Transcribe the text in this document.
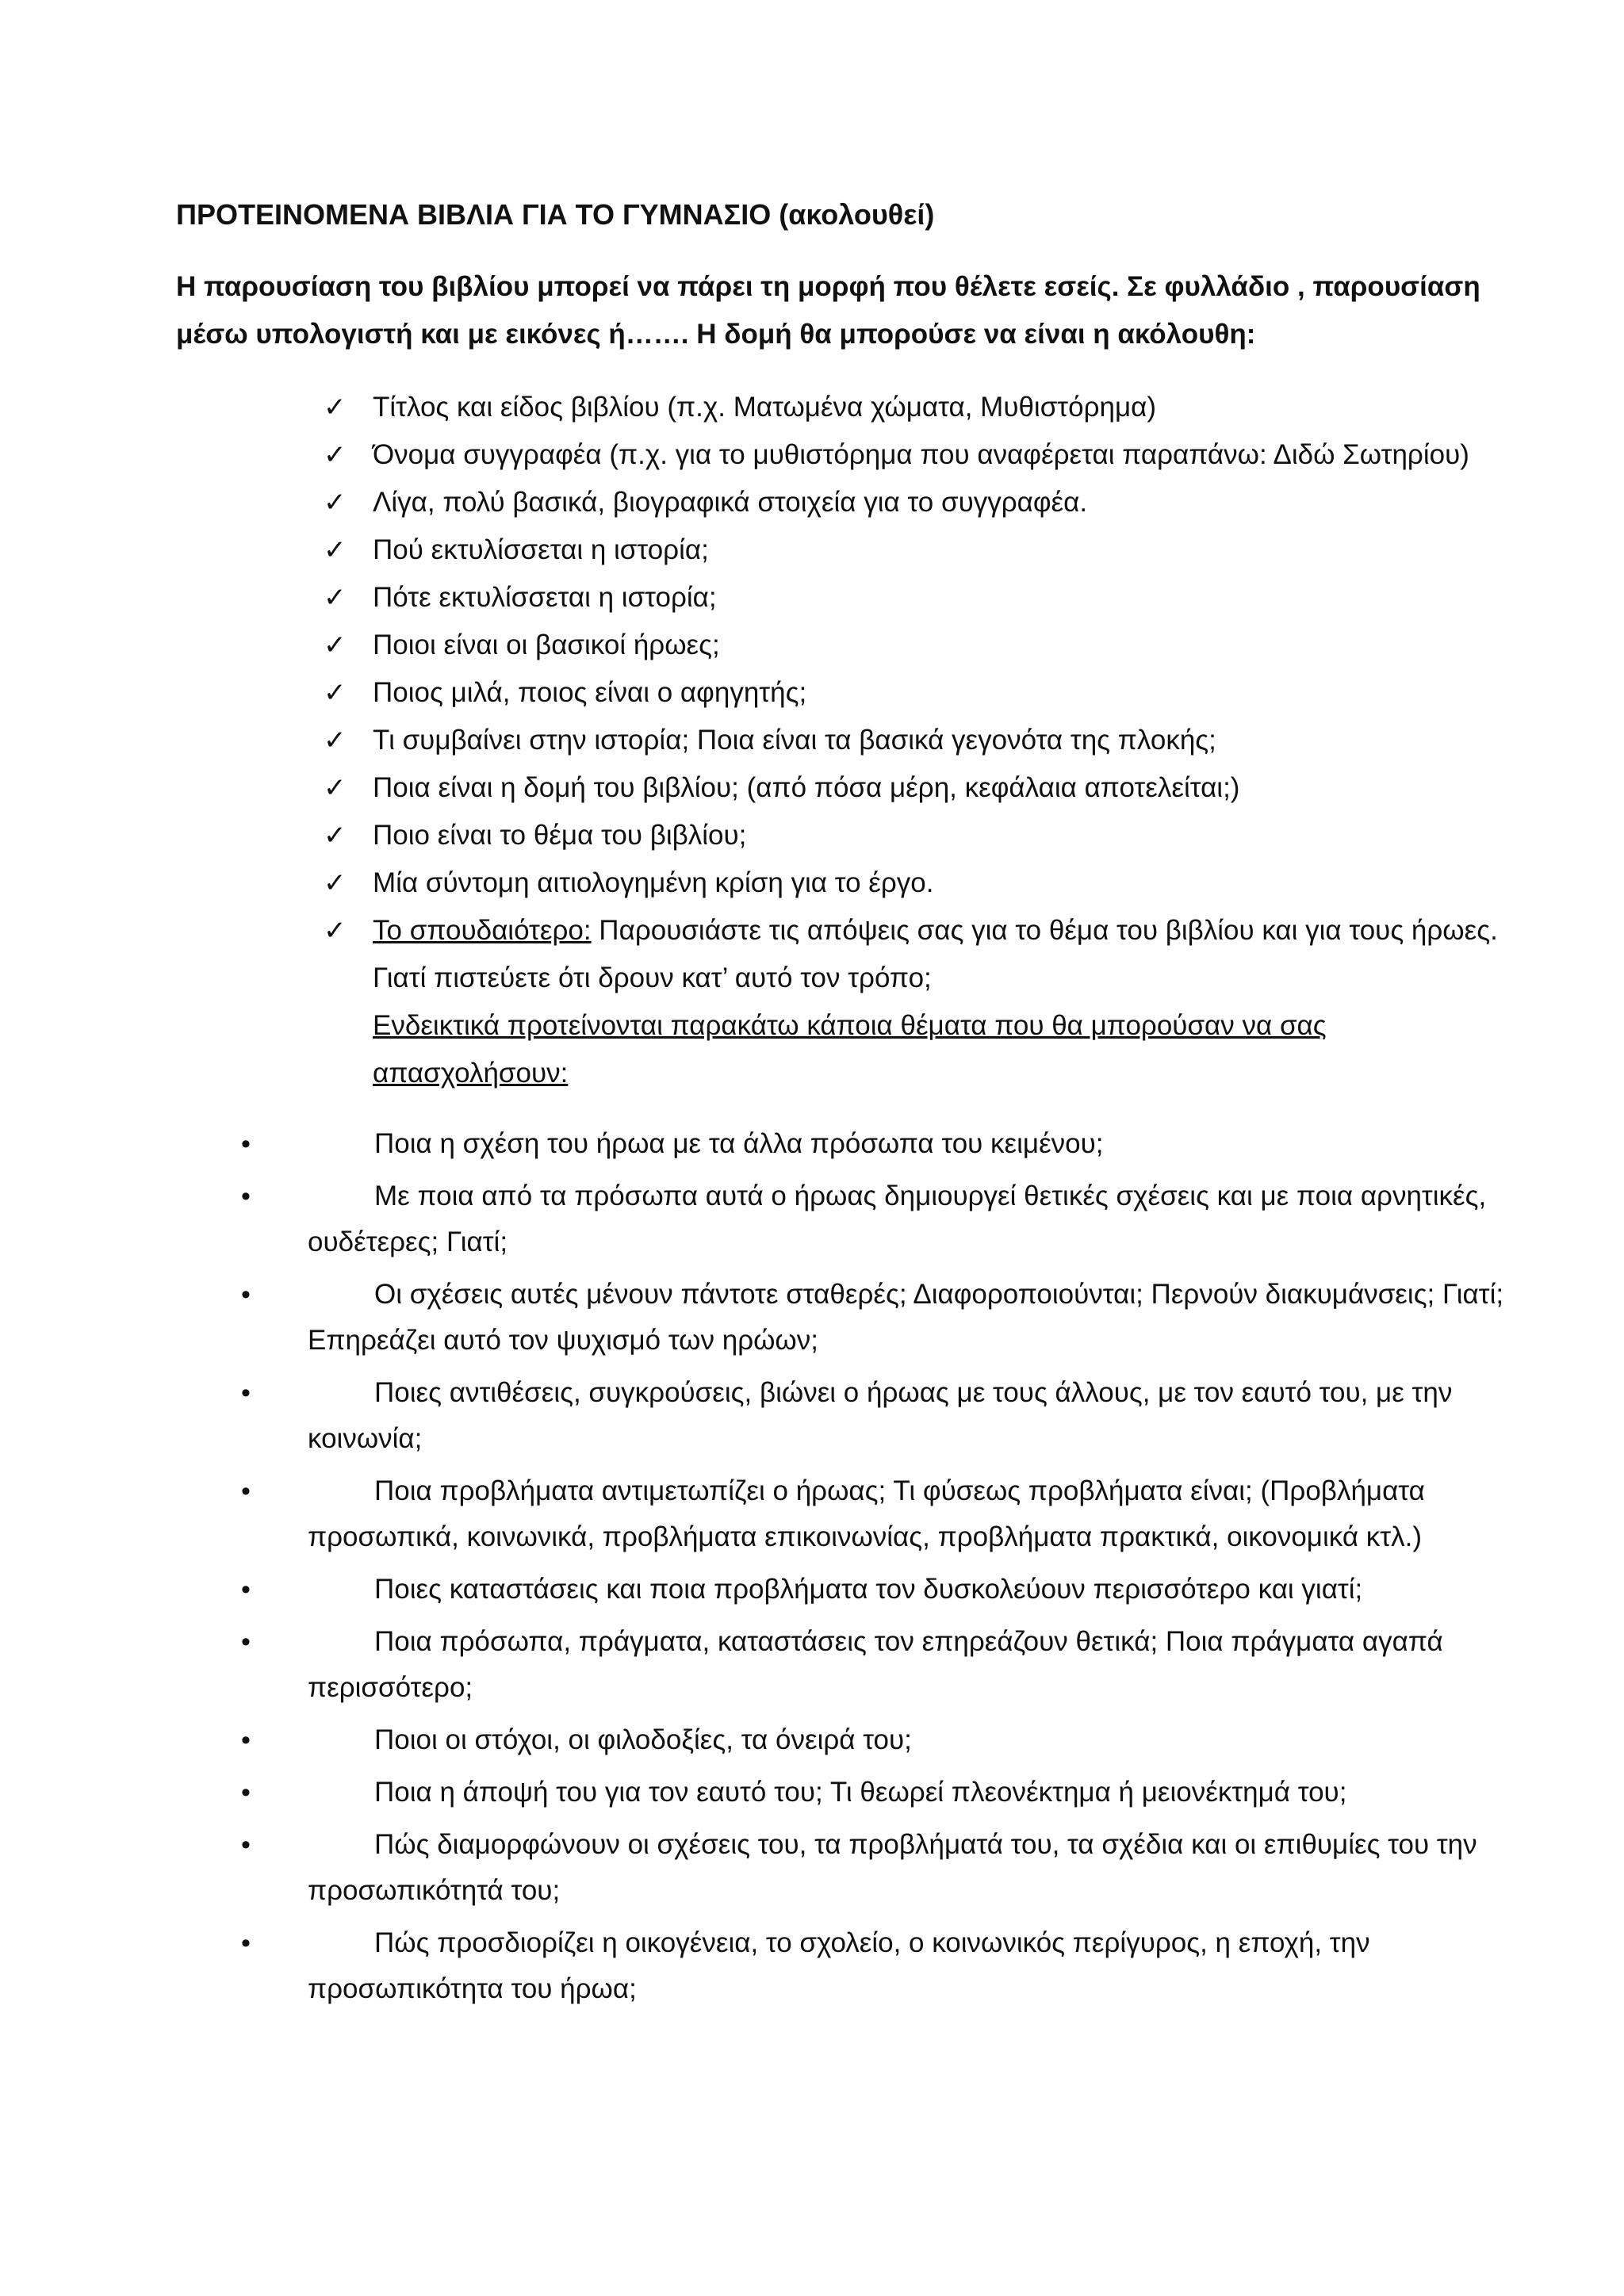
ΠΡΟΤΕΙΝΟΜΕΝΑ ΒΙΒΛΙΑ ΓΙΑ ΤΟ ΓΥΜΝΑΣΙΟ (ακολουθεί)
Η παρουσίαση του βιβλίου μπορεί να πάρει τη μορφή που θέλετε εσείς. Σε φυλλάδιο , παρουσίαση μέσω υπολογιστή και με εικόνες ή……. Η δομή θα μπορούσε να είναι η ακόλουθη:
✓ Τίτλος και είδος βιβλίου (π.χ. Ματωμένα χώματα, Μυθιστόρημα)
✓ Όνομα συγγραφέα (π.χ. για το μυθιστόρημα που αναφέρεται παραπάνω: Διδώ Σωτηρίου)
✓ Λίγα, πολύ βασικά, βιογραφικά στοιχεία για το συγγραφέα.
✓ Πού εκτυλίσσεται η ιστορία;
✓ Πότε εκτυλίσσεται η ιστορία;
✓ Ποιοι είναι οι βασικοί ήρωες;
✓ Ποιος μιλά, ποιος είναι ο αφηγητής;
✓ Τι συμβαίνει στην ιστορία; Ποια είναι τα βασικά γεγονότα της πλοκής;
✓ Ποια είναι η δομή του βιβλίου; (από πόσα μέρη, κεφάλαια αποτελείται;)
✓ Ποιο είναι το θέμα του βιβλίου;
✓ Μία σύντομη αιτιολογημένη κρίση για το έργο.
✓ Το σπουδαιότερο: Παρουσιάστε τις απόψεις σας για το θέμα του βιβλίου και για τους ήρωες. Γιατί πιστεύετε ότι δρουν κατ’ αυτό τον τρόπο;
Ενδεικτικά προτείνονται παρακάτω κάποια θέματα που θα μπορούσαν να σας απασχολήσουν:
•	Ποια η σχέση του ήρωα με τα άλλα πρόσωπα του κειμένου;
•	Με ποια από τα πρόσωπα αυτά ο ήρωας δημιουργεί θετικές σχέσεις και με ποια αρνητικές, ουδέτερες; Γιατί;
•	Οι σχέσεις αυτές μένουν πάντοτε σταθερές; Διαφοροποιούνται; Περνούν διακυμάνσεις; Γιατί; Επηρεάζει αυτό τον ψυχισμό των ηρώων;
•	Ποιες αντιθέσεις, συγκρούσεις, βιώνει ο ήρωας με τους άλλους, με τον εαυτό του, με την κοινωνία;
•	Ποια προβλήματα αντιμετωπίζει ο ήρωας; Τι φύσεως προβλήματα είναι; (Προβλήματα προσωπικά, κοινωνικά, προβλήματα επικοινωνίας, προβλήματα πρακτικά, οικονομικά κτλ.)
•	Ποιες καταστάσεις και ποια προβλήματα τον δυσκολεύουν περισσότερο και γιατί;
•	Ποια πρόσωπα, πράγματα, καταστάσεις τον επηρεάζουν θετικά; Ποια πράγματα αγαπά περισσότερο;
•	Ποιοι οι στόχοι, οι φιλοδοξίες, τα όνειρά του;
•	Ποια η άποψή του για τον εαυτό του; Τι θεωρεί πλεονέκτημα ή μειονέκτημά του;
•	Πώς διαμορφώνουν οι σχέσεις του, τα προβλήματά του, τα σχέδια και οι επιθυμίες του την προσωπικότητά του;
•	Πώς προσδιορίζει η οικογένεια, το σχολείο, ο κοινωνικός περίγυρος, η εποχή, την προσωπικότητα του ήρωα;
